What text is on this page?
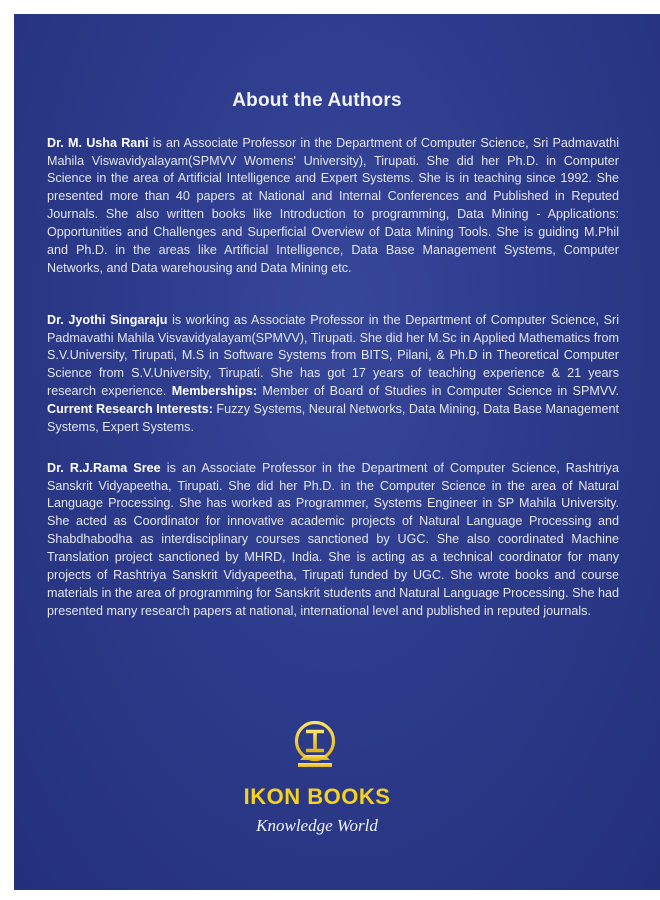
About the Authors

Dr. M. Usha Rani is an Associate Professor in the Department of Computer Science, Sri Padmavathi Mahila Viswavidyalayam(SPMVV Womens' University), Tirupati. She did her Ph.D. in Computer Science in the area of Artificial Intelligence and Expert Systems. She is in teaching since 1992. She presented more than 40 papers at National and Internal Conferences and Published in Reputed Journals. She also written books like Introduction to programming, Data Mining - Applications: Opportunities and Challenges and Superficial Overview of Data Mining Tools. She is guiding M.Phil and Ph.D. in the areas like Artificial Intelligence, Data Base Management Systems, Computer Networks, and Data warehousing and Data Mining etc.

Dr. Jyothi Singaraju is working as Associate Professor in the Department of Computer Science, Sri Padmavathi Mahila Visvavidyalayam(SPMVV), Tirupati. She did her M.Sc in Applied Mathematics from S.V.University, Tirupati, M.S in Software Systems from BITS, Pilani, & Ph.D in Theoretical Computer Science from S.V.University, Tirupati. She has got 17 years of teaching experience & 21 years research experience. Memberships: Member of Board of Studies in Computer Science in SPMVV. Current Research Interests: Fuzzy Systems, Neural Networks, Data Mining, Data Base Management Systems, Expert Systems.

Dr. R.J.Rama Sree is an Associate Professor in the Department of Computer Science, Rashtriya Sanskrit Vidyapeetha, Tirupati. She did her Ph.D. in the Computer Science in the area of Natural Language Processing. She has worked as Programmer, Systems Engineer in SP Mahila University. She acted as Coordinator for innovative academic projects of Natural Language Processing and Shabdhabodha as interdisciplinary courses sanctioned by UGC. She also coordinated Machine Translation project sanctioned by MHRD, India. She is acting as a technical coordinator for many projects of Rashtriya Sanskrit Vidyapeetha, Tirupati funded by UGC. She wrote books and course materials in the area of programming for Sanskrit students and Natural Language Processing. She had presented many research papers at national, international level and published in reputed journals.

IKON BOOKS
Knowledge World
